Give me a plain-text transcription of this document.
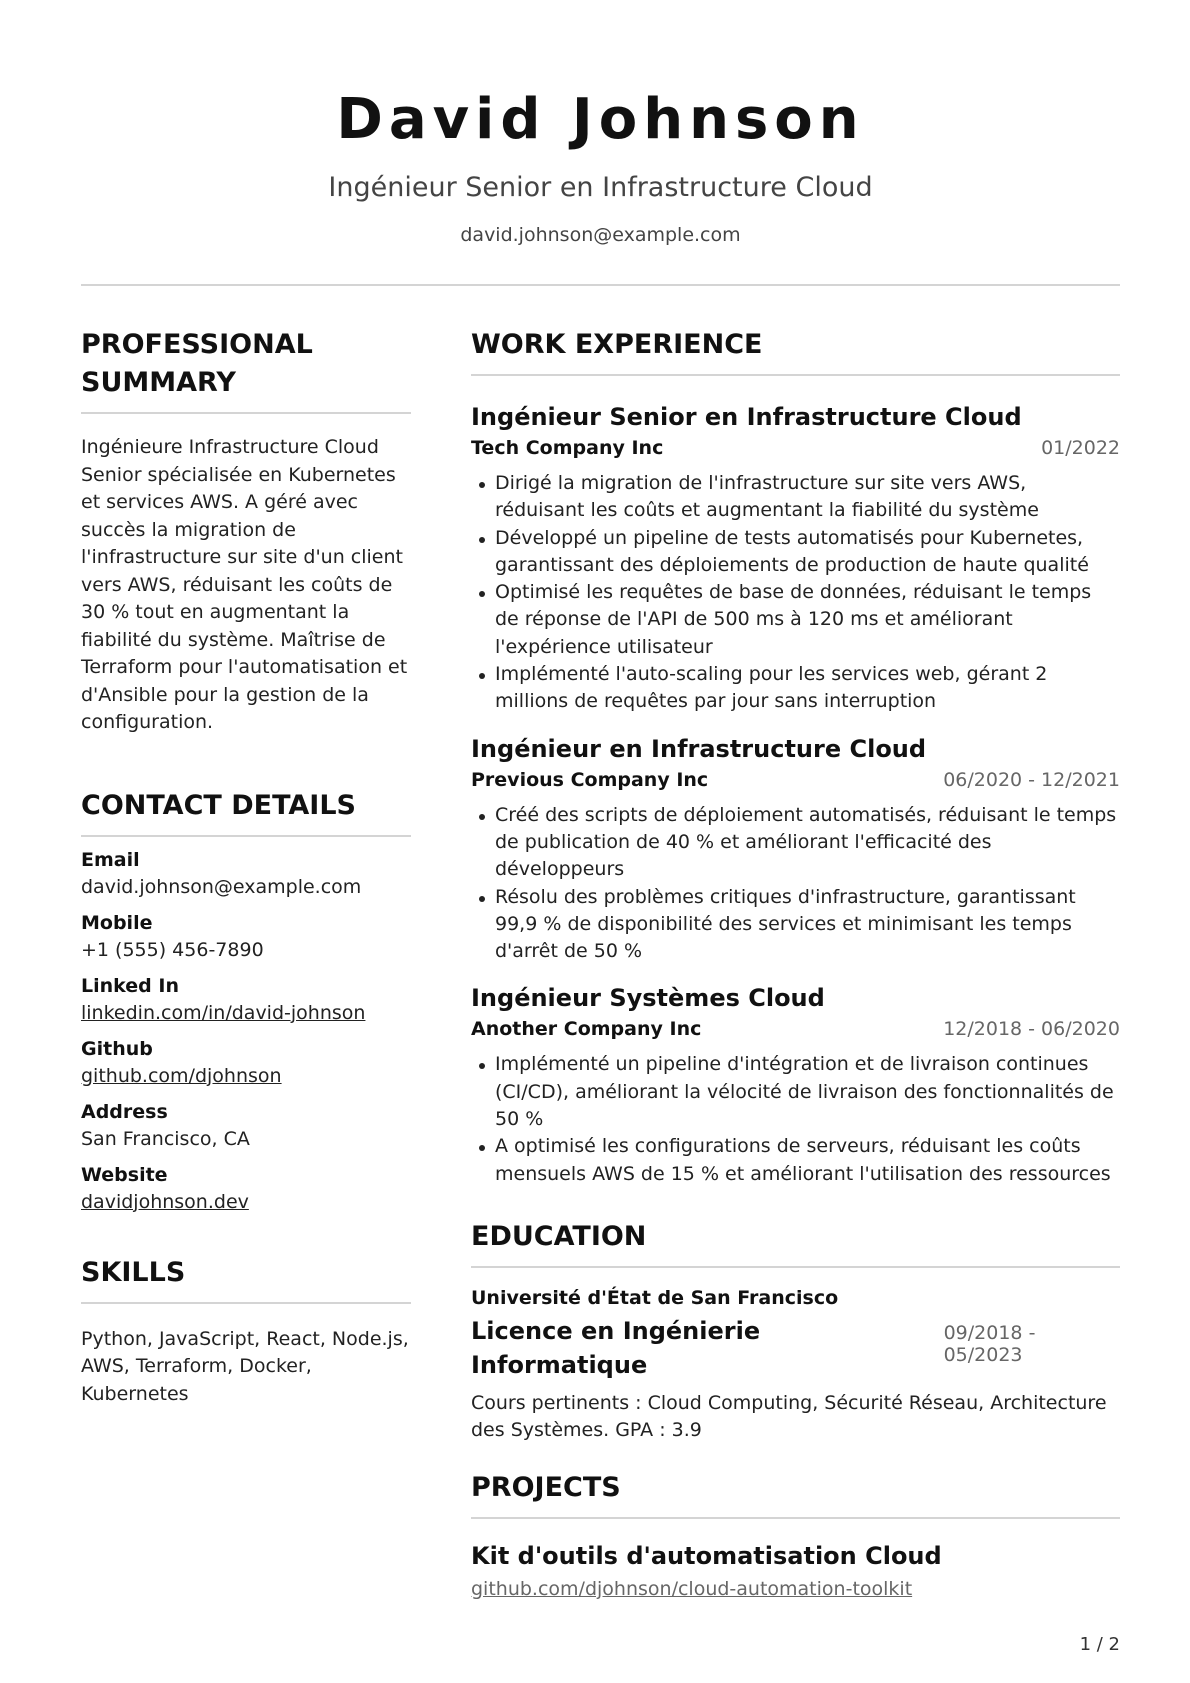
David Johnson
Ingénieur Senior en Infrastructure Cloud
david.johnson@example.com
PROFESSIONAL SUMMARY
Ingénieure Infrastructure Cloud Senior spécialisée en Kubernetes et services AWS. A géré avec succès la migration de l'infrastructure sur site d'un client vers AWS, réduisant les coûts de 30 % tout en augmentant la fiabilité du système. Maîtrise de Terraform pour l'automatisation et d'Ansible pour la gestion de la configuration.
CONTACT DETAILS
Email
david.johnson@example.com
Mobile
+1 (555) 456-7890
Linked In
linkedin.com/in/david-johnson
Github
github.com/djohnson
Address
San Francisco, CA
Website
davidjohnson.dev
SKILLS
Python, JavaScript, React, Node.js, AWS, Terraform, Docker, Kubernetes
WORK EXPERIENCE
Ingénieur Senior en Infrastructure Cloud
Tech Company Inc	01/2022
Dirigé la migration de l'infrastructure sur site vers AWS, réduisant les coûts et augmentant la fiabilité du système
Développé un pipeline de tests automatisés pour Kubernetes, garantissant des déploiements de production de haute qualité
Optimisé les requêtes de base de données, réduisant le temps de réponse de l'API de 500 ms à 120 ms et améliorant l'expérience utilisateur
Implémenté l'auto-scaling pour les services web, gérant 2 millions de requêtes par jour sans interruption
Ingénieur en Infrastructure Cloud
Previous Company Inc	06/2020 - 12/2021
Créé des scripts de déploiement automatisés, réduisant le temps de publication de 40 % et améliorant l'efficacité des développeurs
Résolu des problèmes critiques d'infrastructure, garantissant 99,9 % de disponibilité des services et minimisant les temps d'arrêt de 50 %
Ingénieur Systèmes Cloud
Another Company Inc	12/2018 - 06/2020
Implémenté un pipeline d'intégration et de livraison continues (CI/CD), améliorant la vélocité de livraison des fonctionnalités de 50 %
A optimisé les configurations de serveurs, réduisant les coûts mensuels AWS de 15 % et améliorant l'utilisation des ressources
EDUCATION
Université d'État de San Francisco
Licence en Ingénierie Informatique
09/2018 - 05/2023
Cours pertinents : Cloud Computing, Sécurité Réseau, Architecture des Systèmes. GPA : 3.9
PROJECTS
Kit d'outils d'automatisation Cloud
github.com/djohnson/cloud-automation-toolkit
1 / 2
